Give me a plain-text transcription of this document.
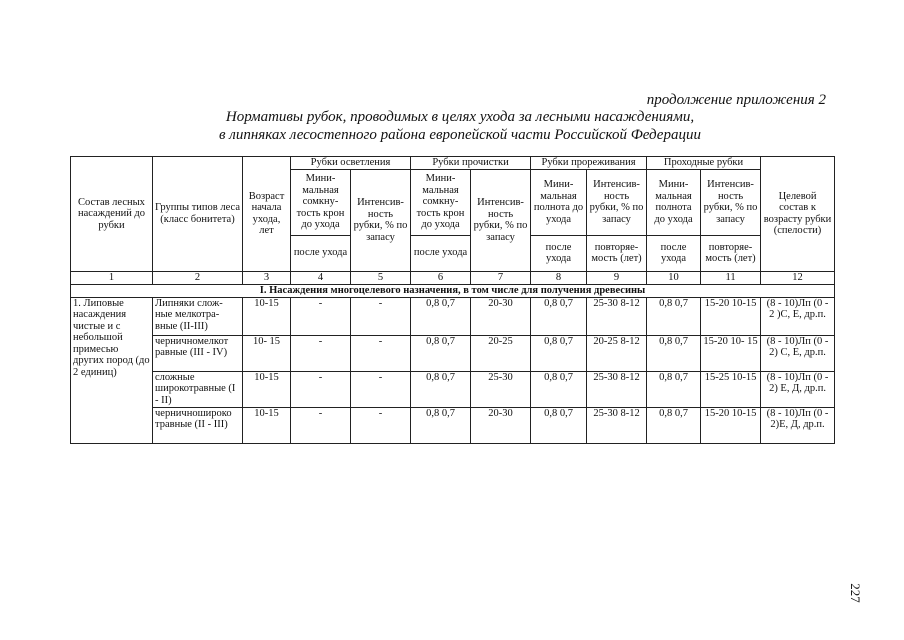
продолжение приложения 2
Нормативы рубок, проводимых в целях ухода за лесными насаждениями,
в липняках лесостепного района европейской части Российской Федерации
Состав лесных насаждений до рубки	Группы типов леса (класс бонитета)	Возраст начала ухода, лет	Рубки осветления		Рубки прочистки		Рубки прореживания		Проходные рубки		Целевой состав к возрасту рубки (спелости)
			Мини-мальная сомкну-тость крон до ухода	Интенсив-ность рубки, % по запасу	Мини-мальная сомкну-тость крон до ухода	Интенсив-ность рубки, % по запасу	Мини-мальная полнота до ухода	Интенсив-ность рубки, % по запасу	Мини-мальная полнота до ухода	Интенсив-ность рубки, % по запасу	
			после ухода		после ухода		после ухода	повторяе-мость (лет)	после ухода	повторяе-мость (лет)	
1	2	3	4	5	6	7	8	9	10	11	12
I. Насаждения многоцелевого назначения, в том числе для получения древесины											
1. Липовые насаждения чистые и с небольшой примесью других пород (до 2 единиц)	Липняки слож-ные мелкотра-вные (II-III)	10-15	-	-	0,8 0,7	20-30	0,8 0,7	25-30 8-12	0,8 0,7	15-20 10-15	(8 - 10)Лп (0 - 2 )С, Е, др.п.
	черничномелкот равные (III - IV)	10- 15	-	-	0,8 0,7	20-25	0,8 0,7	20-25 8-12	0,8 0,7	15-20 10- 15	(8 - 10)Лп (0 - 2) С, Е, др.п.
	сложные широкотравные (I - II)	10-15	-	-	0,8 0,7	25-30	0,8 0,7	25-30 8-12	0,8 0,7	15-25 10-15	(8 - 10)Лп (0 - 2) Е, Д, др.п.
	черничношироко травные (II - III)	10-15	-	-	0,8 0,7	20-30	0,8 0,7	25-30 8-12	0,8 0,7	15-20 10-15	(8 - 10)Лп (0 - 2)Е, Д, др.п.
227
